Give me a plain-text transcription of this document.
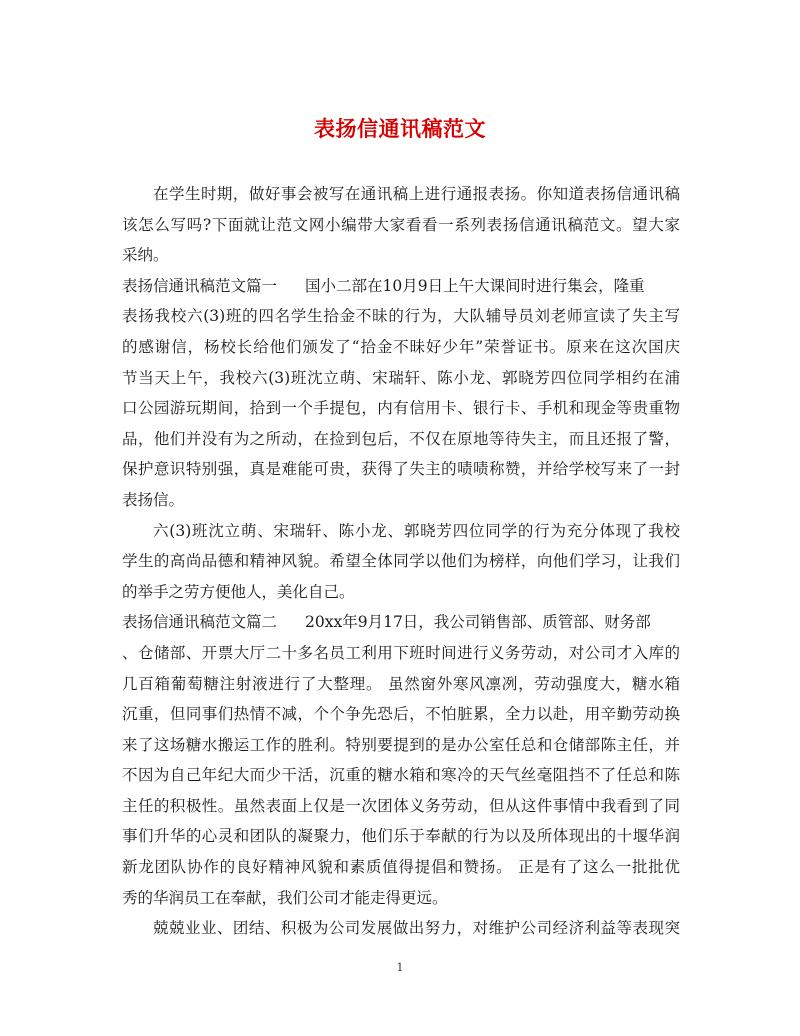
表扬信通讯稿范文
在学生时期，做好事会被写在通讯稿上进行通报表扬。你知道表扬信通讯稿
该怎么写吗?下面就让范文网小编带大家看看一系列表扬信通讯稿范文。望大家
采纳。
表扬信通讯稿范文篇一 国小二部在10月9日上午大课间时进行集会，隆重
表扬我校六(3)班的四名学生拾金不昧的行为，大队辅导员刘老师宣读了失主写
的感谢信，杨校长给他们颁发了“拾金不昧好少年”荣誉证书。原来在这次国庆
节当天上午，我校六(3)班沈立萌、宋瑞轩、陈小龙、郭晓芳四位同学相约在浦
口公园游玩期间，拾到一个手提包，内有信用卡、银行卡、手机和现金等贵重物
品，他们并没有为之所动，在捡到包后，不仅在原地等待失主，而且还报了警，
保护意识特别强，真是难能可贵，获得了失主的啧啧称赞，并给学校写来了一封
表扬信。
六(3)班沈立萌、宋瑞轩、陈小龙、郭晓芳四位同学的行为充分体现了我校
学生的高尚品德和精神风貌。希望全体同学以他们为榜样，向他们学习，让我们
的举手之劳方便他人，美化自己。
表扬信通讯稿范文篇二 20xx年9月17日，我公司销售部、质管部、财务部
、仓储部、开票大厅二十多名员工利用下班时间进行义务劳动，对公司才入库的
几百箱葡萄糖注射液进行了大整理。 虽然窗外寒风凛冽，劳动强度大，糖水箱
沉重，但同事们热情不减，个个争先恐后，不怕脏累，全力以赴，用辛勤劳动换
来了这场糖水搬运工作的胜利。特别要提到的是办公室任总和仓储部陈主任，并
不因为自己年纪大而少干活，沉重的糖水箱和寒冷的天气丝毫阻挡不了任总和陈
主任的积极性。虽然表面上仅是一次团体义务劳动，但从这件事情中我看到了同
事们升华的心灵和团队的凝聚力，他们乐于奉献的行为以及所体现出的十堰华润
新龙团队协作的良好精神风貌和素质值得提倡和赞扬。 正是有了这么一批批优
秀的华润员工在奉献，我们公司才能走得更远。
兢兢业业、团结、积极为公司发展做出努力，对维护公司经济利益等表现突
1
